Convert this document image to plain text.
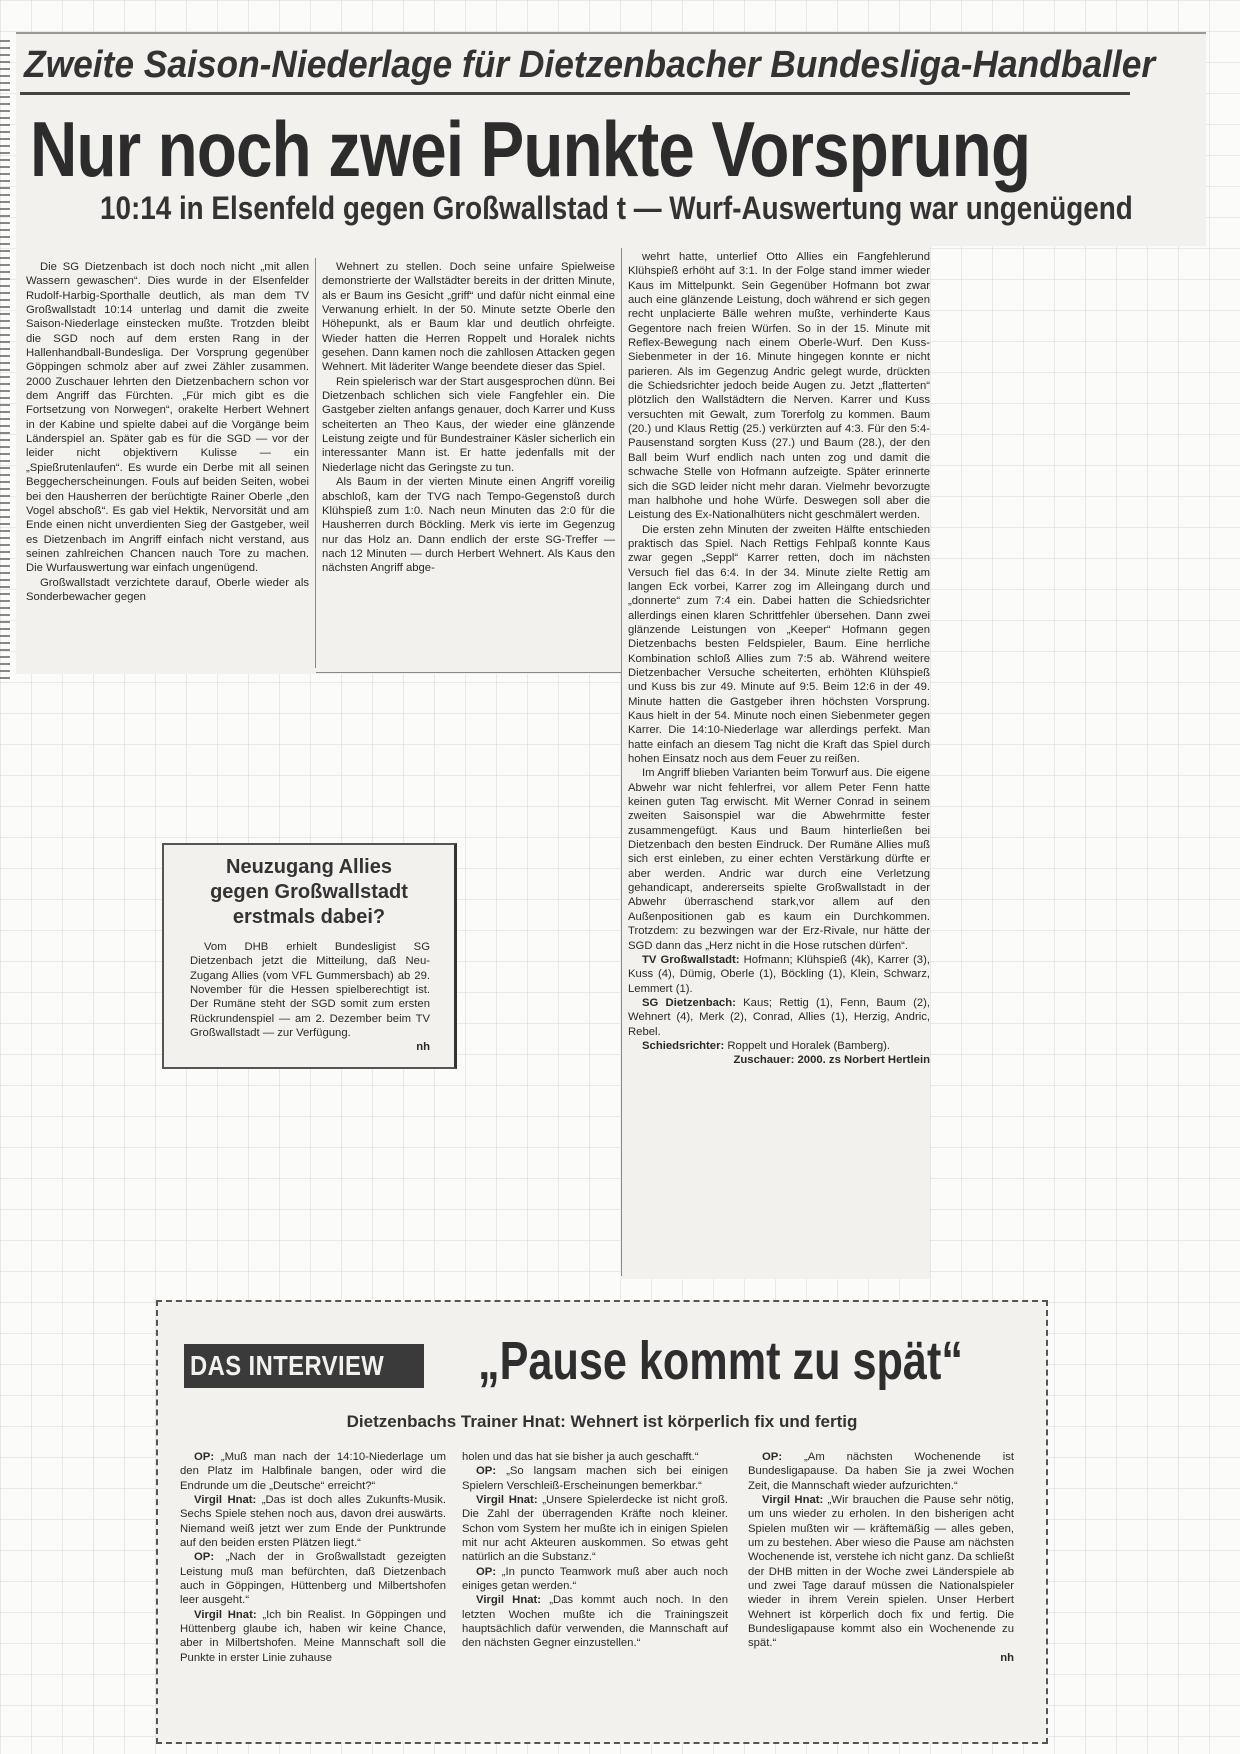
Zweite Saison-Niederlage für Dietzenbacher Bundesliga-Handballer
Nur noch zwei Punkte Vorsprung
10:14 in Elsenfeld gegen Großwallstad t — Wurf-Auswertung war ungenügend

Die SG Dietzenbach ist doch noch nicht „mit allen Wassern gewaschen“. Dies wurde in der Elsenfelder Rudolf-Harbig-Sporthalle deutlich, als man dem TV Großwallstadt 10:14 unterlag und damit die zweite Saison-Niederlage einstecken mußte. Trotzden bleibt die SGD noch auf dem ersten Rang in der Hallenhandball-Bundesliga. Der Vorsprung gegenüber Göppingen schmolz aber auf zwei Zähler zusammen. 2000 Zuschauer lehrten den Dietzenbachern schon vor dem Angriff das Fürchten. „Für mich gibt es die Fortsetzung von Norwegen“, orakelte Herbert Wehnert in der Kabine und spielte dabei auf die Vorgänge beim Länderspiel an. Später gab es für die SGD — vor der leider nicht objektivern Kulisse — ein „Spießrutenlaufen“. Es wurde ein Derbe mit all seinen Beggecherscheinungen. Fouls auf beiden Seiten, wobei bei den Hausherren der berüchtigte Rainer Oberle „den Vogel abschoß“. Es gab viel Hektik, Nervorsität und am Ende einen nicht unverdienten Sieg der Gastgeber, weil es Dietzenbach im Angriff einfach nicht verstand, aus seinen zahlreichen Chancen nauch Tore zu machen. Die Wurfauswertung war einfach ungenügend.

Großwallstadt verzichtete darauf, Oberle wieder als Sonderbewacher gegen

Wehnert zu stellen. Doch seine unfaire Spielweise demonstrierte der Wallstädter bereits in der dritten Minute, als er Baum ins Gesicht „griff“ und dafür nicht einmal eine Verwanung erhielt. In der 50. Minute setzte Oberle den Höhepunkt, als er Baum klar und deutlich ohrfeigte. Wieder hatten die Herren Roppelt und Horalek nichts gesehen. Dann kamen noch die zahllosen Attacken gegen Wehnert. Mit läderiter Wange beendete dieser das Spiel.

Rein spielerisch war der Start ausgesprochen dünn. Bei Dietzenbach schlichen sich viele Fangfehler ein. Die Gastgeber zielten anfangs genauer, doch Karrer und Kuss scheiterten an Theo Kaus, der wieder eine glänzende Leistung zeigte und für Bundestrainer Käsler sicherlich ein interessanter Mann ist. Er hatte jedenfalls mit der Niederlage nicht das Geringste zu tun.

Als Baum in der vierten Minute einen Angriff voreilig abschloß, kam der TVG nach Tempo-Gegenstoß durch Klühspieß zum 1:0. Nach neun Minuten das 2:0 für die Hausherren durch Böckling. Merk vis ierte im Gegenzug nur das Holz an. Dann endlich der erste SG-Treffer — nach 12 Minuten — durch Herbert Wehnert. Als Kaus den nächsten Angriff abge-

wehrt hatte, unterlief Otto Allies ein Fangfehlerund Klühspieß erhöht auf 3:1. In der Folge stand immer wieder Kaus im Mittelpunkt. Sein Gegenüber Hofmann bot zwar auch eine glänzende Leistung, doch während er sich gegen recht unplacierte Bälle wehren mußte, verhinderte Kaus Gegentore nach freien Würfen. So in der 15. Minute mit Reflex-Bewegung nach einem Oberle-Wurf. Den Kuss-Siebenmeter in der 16. Minute hingegen konnte er nicht parieren. Als im Gegenzug Andric gelegt wurde, drückten die Schiedsrichter jedoch beide Augen zu. Jetzt „flatterten“ plötzlich den Wallstädtern die Nerven. Karrer und Kuss versuchten mit Gewalt, zum Torerfolg zu kommen. Baum (20.) und Klaus Rettig (25.) verkürzten auf 4:3. Für den 5:4-Pausenstand sorgten Kuss (27.) und Baum (28.), der den Ball beim Wurf endlich nach unten zog und damit die schwache Stelle von Hofmann aufzeigte. Später erinnerte sich die SGD leider nicht mehr daran. Vielmehr bevorzugte man halbhohe und hohe Würfe. Deswegen soll aber die Leistung des Ex-Nationalhüters nicht geschmälert werden.

Die ersten zehn Minuten der zweiten Hälfte entschieden praktisch das Spiel. Nach Rettigs Fehlpaß konnte Kaus zwar gegen „Seppl“ Karrer retten, doch im nächsten Versuch fiel das 6:4. In der 34. Minute zielte Rettig am langen Eck vorbei, Karrer zog im Alleingang durch und „donnerte“ zum 7:4 ein. Dabei hatten die Schiedsrichter allerdings einen klaren Schrittfehler übersehen. Dann zwei glänzende Leistungen von „Keeper“ Hofmann gegen Dietzenbachs besten Feldspieler, Baum. Eine herrliche Kombination schloß Allies zum 7:5 ab. Während weitere Dietzenbacher Versuche scheiterten, erhöhten Klühspieß und Kuss bis zur 49. Minute auf 9:5. Beim 12:6 in der 49. Minute hatten die Gastgeber ihren höchsten Vorsprung. Kaus hielt in der 54. Minute noch einen Siebenmeter gegen Karrer. Die 14:10-Niederlage war allerdings perfekt. Man hatte einfach an diesem Tag nicht die Kraft das Spiel durch hohen Einsatz noch aus dem Feuer zu reißen.

Im Angriff blieben Varianten beim Torwurf aus. Die eigene Abwehr war nicht fehlerfrei, vor allem Peter Fenn hatte keinen guten Tag erwischt. Mit Werner Conrad in seinem zweiten Saisonspiel war die Abwehrmitte fester zusammengefügt. Kaus und Baum hinterließen bei Dietzenbach den besten Eindruck. Der Rumäne Allies muß sich erst einleben, zu einer echten Verstärkung dürfte er aber werden. Andric war durch eine Verletzung gehandicapt, andererseits spielte Großwallstadt in der Abwehr überraschend stark,vor allem auf den Außenpositionen gab es kaum ein Durchkommen. Trotzdem: zu bezwingen war der Erz-Rivale, nur hätte der SGD dann das „Herz nicht in die Hose rutschen dürfen“.

TV Großwallstadt: Hofmann; Klühspieß (4k), Karrer (3), Kuss (4), Dümig, Oberle (1), Böckling (1), Klein, Schwarz, Lemmert (1).

SG Dietzenbach: Kaus; Rettig (1), Fenn, Baum (2), Wehnert (4), Merk (2), Conrad, Allies (1), Herzig, Andric, Rebel.

Schiedsrichter: Roppelt und Horalek (Bamberg).

Zuschauer: 2000. zs Norbert Hertlein

Neuzugang Allies
gegen Großwallstadt
erstmals dabei?

Vom DHB erhielt Bundesligist SG Dietzenbach jetzt die Mitteilung, daß Neu-Zugang Allies (vom VFL Gummersbach) ab 29. November für die Hessen spielberechtigt ist. Der Rumäne steht der SGD somit zum ersten Rückrundenspiel — am 2. Dezember beim TV Großwallstadt — zur Verfügung.

nh

DAS INTERVIEW	„Pause kommt zu spät“
Dietzenbachs Trainer Hnat: Wehnert ist körperlich fix und fertig

OP: „Muß man nach der 14:10-Niederlage um den Platz im Halbfinale bangen, oder wird die Endrunde um die „Deutsche“ erreicht?“

Virgil Hnat: „Das ist doch alles Zukunfts-Musik. Sechs Spiele stehen noch aus, davon drei auswärts. Niemand weiß jetzt wer zum Ende der Punktrunde auf den beiden ersten Plätzen liegt.“

OP: „Nach der in Großwallstadt gezeigten Leistung muß man befürchten, daß Dietzenbach auch in Göppingen, Hüttenberg und Milbertshofen leer ausgeht.“

Virgil Hnat: „Ich bin Realist. In Göppingen und Hüttenberg glaube ich, haben wir keine Chance, aber in Milbertshofen. Meine Mannschaft soll die Punkte in erster Linie zuhause

holen und das hat sie bisher ja auch geschafft.“

OP: „So langsam machen sich bei einigen Spielern Verschleiß-Erscheinungen bemerkbar.“

Virgil Hnat: „Unsere Spielerdecke ist nicht groß. Die Zahl der überragenden Kräfte noch kleiner. Schon vom System her mußte ich in einigen Spielen mit nur acht Akteuren auskommen. So etwas geht natürlich an die Substanz.“

OP: „In puncto Teamwork muß aber auch noch einiges getan werden.“

Virgil Hnat: „Das kommt auch noch. In den letzten Wochen mußte ich die Trainingszeit hauptsächlich dafür verwenden, die Mannschaft auf den nächsten Gegner einzustellen.“

OP: „Am nächsten Wochenende ist Bundesligapause. Da haben Sie ja zwei Wochen Zeit, die Mannschaft wieder aufzurichten.“

Virgil Hnat: „Wir brauchen die Pause sehr nötig, um uns wieder zu erholen. In den bisherigen acht Spielen mußten wir — kräftemäßig — alles geben, um zu bestehen. Aber wieso die Pause am nächsten Wochenende ist, verstehe ich nicht ganz. Da schließt der DHB mitten in der Woche zwei Länderspiele ab und zwei Tage darauf müssen die Nationalspieler wieder in ihrem Verein spielen. Unser Herbert Wehnert ist körperlich doch fix und fertig. Die Bundesligapause kommt also ein Wochenende zu spät.“

nh
